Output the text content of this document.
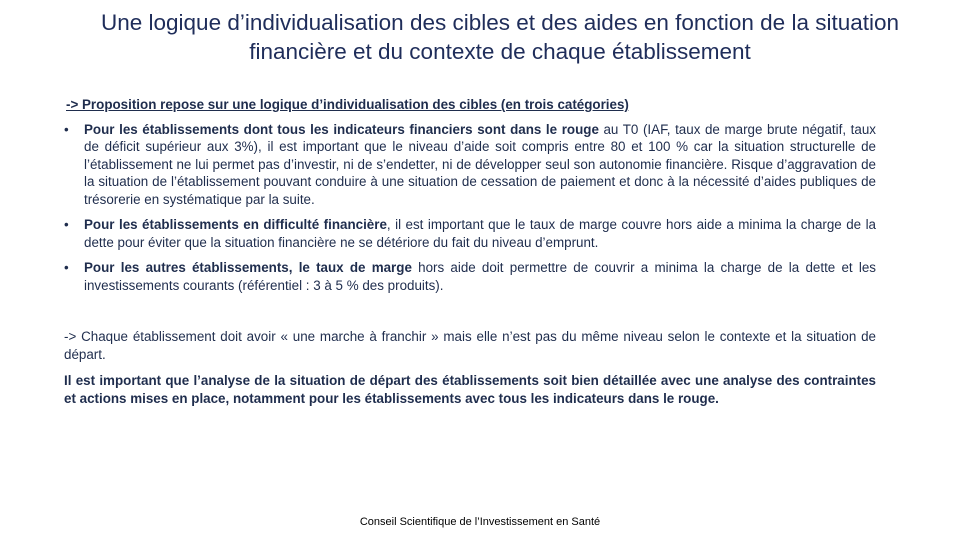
Une logique d’individualisation des cibles et des aides en fonction de la situation financière et du contexte de chaque établissement
-> Proposition repose sur une logique d’individualisation des cibles (en trois catégories)
•	Pour les établissements dont tous les indicateurs financiers sont dans le rouge au T0 (IAF, taux de marge brute négatif, taux de déficit supérieur aux 3%), il est important que le niveau d’aide soit compris entre 80 et 100 % car la situation structurelle de l’établissement ne lui permet pas d’investir, ni de s’endetter, ni de développer seul son autonomie financière. Risque d’aggravation de la situation de l’établissement pouvant conduire à une situation de cessation de paiement et donc à la nécessité d’aides publiques de trésorerie en systématique par la suite.
•	Pour les établissements en difficulté financière, il est important que le taux de marge couvre hors aide a minima la charge de la dette pour éviter que la situation financière ne se détériore du fait du niveau d’emprunt.
•	Pour les autres établissements, le taux de marge hors aide doit permettre de couvrir a minima la charge de la dette et les investissements courants (référentiel : 3 à 5 % des produits).
-> Chaque établissement doit avoir « une marche à franchir » mais elle n’est pas du même niveau selon le contexte et la situation de départ.
Il est important que l’analyse de la situation de départ des établissements soit bien détaillée avec une analyse des contraintes et actions mises en place, notamment pour les établissements avec tous les indicateurs dans le rouge.
Conseil Scientifique de l’Investissement en Santé
